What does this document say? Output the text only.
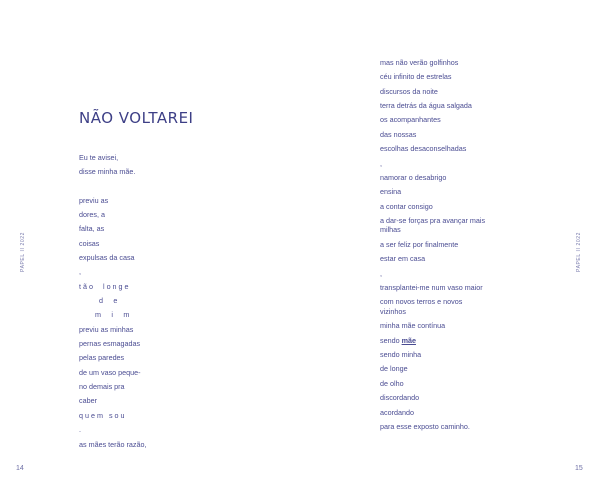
PAPEL II 2022
NÃO VOLTAREI
Eu te avisei,
disse minha mãe.
previu as
dores, a
falta, as
coisas
expulsas da casa
,
t ã o     l o n g e
d e
m i m
previu as minhas
pernas esmagadas
pelas paredes
de um vaso peque-
no demais pra
caber
q u e m   s o u
.
as mães terão razão,
14
PAPEL II 2022
mas não verão golfinhos
céu infinito de estrelas
discursos da noite
terra detrás da água salgada
os acompanhantes
das nossas
escolhas desaconselhadas
,
namorar o desabrigo
ensina
a contar consigo
a dar-se forças pra avançar mais
milhas
a ser feliz por finalmente
estar em casa
,
transplantei-me num vaso maior
com novos terros e novos
vizinhos
minha mãe contínua
sendo mãe
sendo minha
de longe
de olho
discordando
acordando
para esse exposto caminho.
15
